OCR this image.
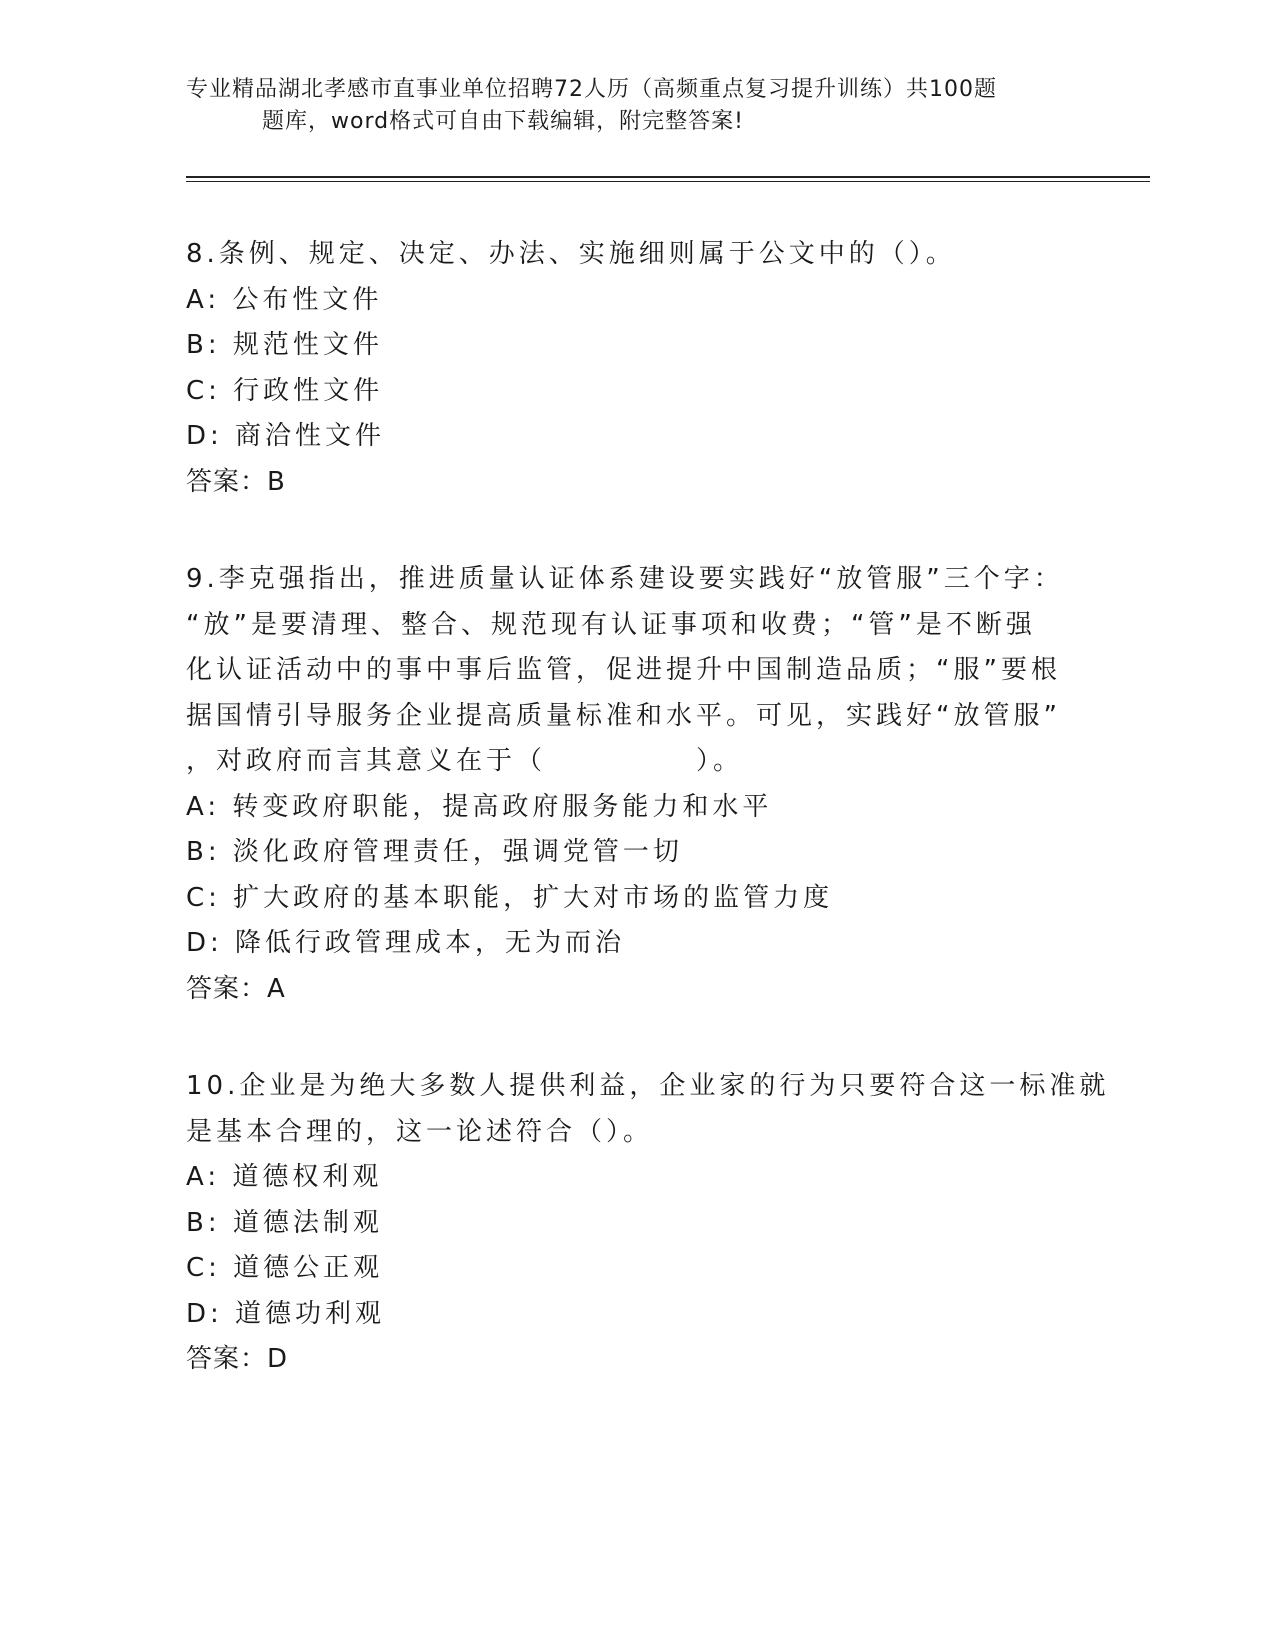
专业精品湖北孝感市直事业单位招聘72人历（高频重点复习提升训练）共100题
题库，word格式可自由下载编辑，附完整答案!
8.条例、规定、决定、办法、实施细则属于公文中的（）。
A: 公布性文件
B: 规范性文件
C: 行政性文件
D: 商洽性文件
答案：B
9.李克强指出，推进质量认证体系建设要实践好“放管服”三个字：
“放”是要清理、整合、规范现有认证事项和收费；“管”是不断强
化认证活动中的事中事后监管，促进提升中国制造品质；“服”要根
据国情引导服务企业提高质量标准和水平。可见，实践好“放管服”
，对政府而言其意义在于（　　　　　）。
A: 转变政府职能，提高政府服务能力和水平
B: 淡化政府管理责任，强调党管一切
C: 扩大政府的基本职能，扩大对市场的监管力度
D: 降低行政管理成本，无为而治
答案：A
10.企业是为绝大多数人提供利益，企业家的行为只要符合这一标准就
是基本合理的，这一论述符合（）。
A: 道德权利观
B: 道德法制观
C: 道德公正观
D: 道德功利观
答案：D
